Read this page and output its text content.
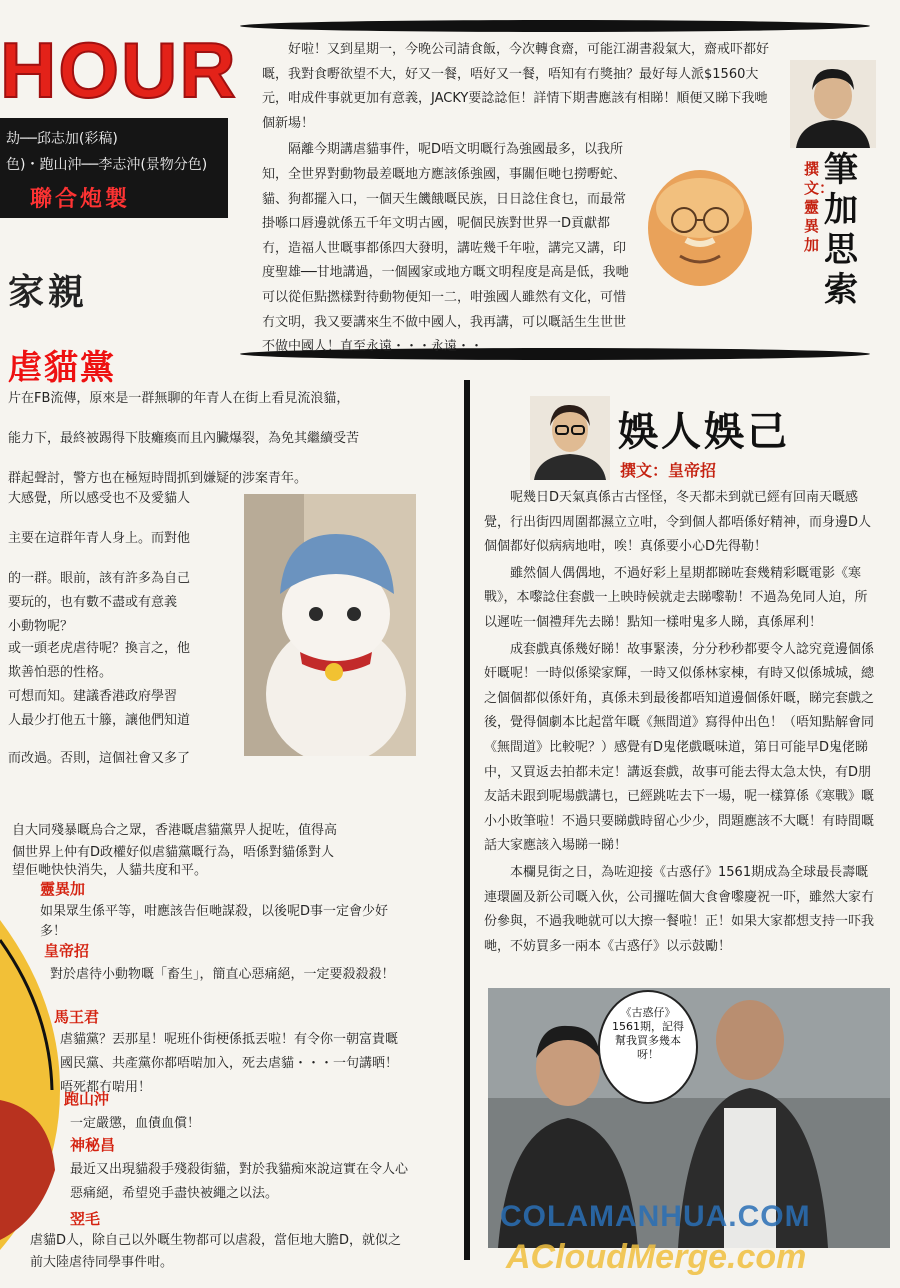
HOUR
劫──邱志加(彩稿)
色)・跑山沖──李志沖(景物分色)
聯合炮製
家親
虐貓黨

好啦！又到星期一，今晚公司請食飯，今次轉食齋，可能江湖書殺氣大，齋戒吓都好嘅，我對食嘢欲望不大，好又一餐，唔好又一餐，唔知有冇獎抽？最好每人派$1560大元，咁成件事就更加有意義，JACKY要諗諗佢！詳情下期書應該有相睇！順便又睇下我哋個新場！

隔離今期講虐貓事件，呢D唔文明嘅行為強國最多，以我所知，全世界對動物最差嘅地方應該係強國，事關佢哋乜撈嘢蛇、貓、狗都擺入口，一個天生饑餓嘅民族，日日諗住食乜，而最常掛喺口唇邊就係五千年文明古國，呢個民族對世界一D貢獻都冇，造福人世嘅事都係四大發明，講咗幾千年啦，講完又講，印度聖雄──甘地講過，一個國家或地方嘅文明程度是高是低，我哋可以從佢點撚樣對待動物便知一二，咁強國人雖然有文化，可惜冇文明，我又要講來生不做中國人，我再講，可以嘅話生生世世不做中國人！直至永遠・・・永遠・・

撰文：靈異加
筆加思索
片在FB流傳，原來是一群無聊的年青人在街上看見流浪貓，
能力下，最終被踢得下肢癱瘓而且內臟爆裂，為免其繼續受苦
群起聲討，警方也在極短時間抓到嫌疑的涉案青年。
大感覺，所以感受也不及愛貓人
主要在這群年青人身上。而對他
的一群。眼前，該有許多為自己
要玩的，也有數不盡或有意義
小動物呢？
或一頭老虎虐待呢？換言之，他
欺善怕惡的性格。
可想而知。建議香港政府學習
人最少打他五十籐，讓他們知道
而改過。否則，這個社會又多了
自大同殘暴嘅烏合之眾，香港嘅虐貓黨畀人捉咗，值得高
個世界上仲有D政權好似虐貓黨嘅行為，唔係對貓係對人
望佢哋快快消失，人貓共度和平。
靈異加
如果眾生係平等，咁應該告佢哋謀殺，以後呢D事一定會少好多！
皇帝招
對於虐待小動物嘅「畜生」，簡直心惡痛絕，一定要殺殺殺！
馬王君
虐貓黨？丟那星！呢班仆街梗係抵丟啦！有令你一朝富貴嘅國民黨、共產黨你都唔啱加入，死去虐貓・・・一句講晒！唔死都冇啱用！
跑山沖
一定嚴懲，血債血償！
神秘昌
最近又出現貓殺手殘殺街貓，對於我貓痴來說這實在令人心惡痛絕，希望兇手盡快被繩之以法。
翌毛
虐貓D人，除自己以外嘅生物都可以虐殺，當佢地大膽D，就似之前大陸虐待同學事件咁。
娛人娛己
撰文：皇帝招

呢幾日D天氣真係古古怪怪，冬天都未到就已經有回南天嘅感覺，行出街四周圍都濕立立咁，令到個人都唔係好精神，而身邊D人個個都好似病病地咁，唉！真係要小心D先得勒！

雖然個人偶偶地，不過好彩上星期都睇咗套幾精彩嘅電影《寒戰》，本嚟諗住套戲一上映時候就走去睇嚟勒！不過為免同人迫，所以遲咗一個禮拜先去睇！點知一樣咁鬼多人睇，真係犀利！

成套戲真係幾好睇！故事緊湊，分分秒秒都要令人諗究竟邊個係奸嘅呢！一時似係梁家輝，一時又似係林家棟，有時又似係城城，總之個個都似係奸角，真係未到最後都唔知道邊個係奸嘅，睇完套戲之後，覺得個劇本比起當年嘅《無間道》寫得仲出色！（唔知點解會同《無間道》比較呢？）感覺有D鬼佬戲嘅味道，第日可能早D鬼佬睇中，又買返去拍都未定！講返套戲，故事可能去得太急太快，有D朋友話未跟到呢場戲講乜，已經跳咗去下一場，呢一樣算係《寒戰》嘅小小敗筆啦！不過只要睇戲時留心少少，問題應該不大嘅！有時間嘅話大家應該入場睇一睇！

本欄見街之日，為咗迎接《古惑仔》1561期成為全球最長壽嘅連環圖及新公司嘅入伙，公司攞咗個大食會嚟慶祝一吓，雖然大家冇份參與，不過我哋就可以大擦一餐啦！正！如果大家都想支持一吓我哋，不妨買多一兩本《古惑仔》以示鼓勵！

《古惑仔》1561期，記得幫我買多幾本呀！
COLAMANHUA.COM
ACloudMerge.com
